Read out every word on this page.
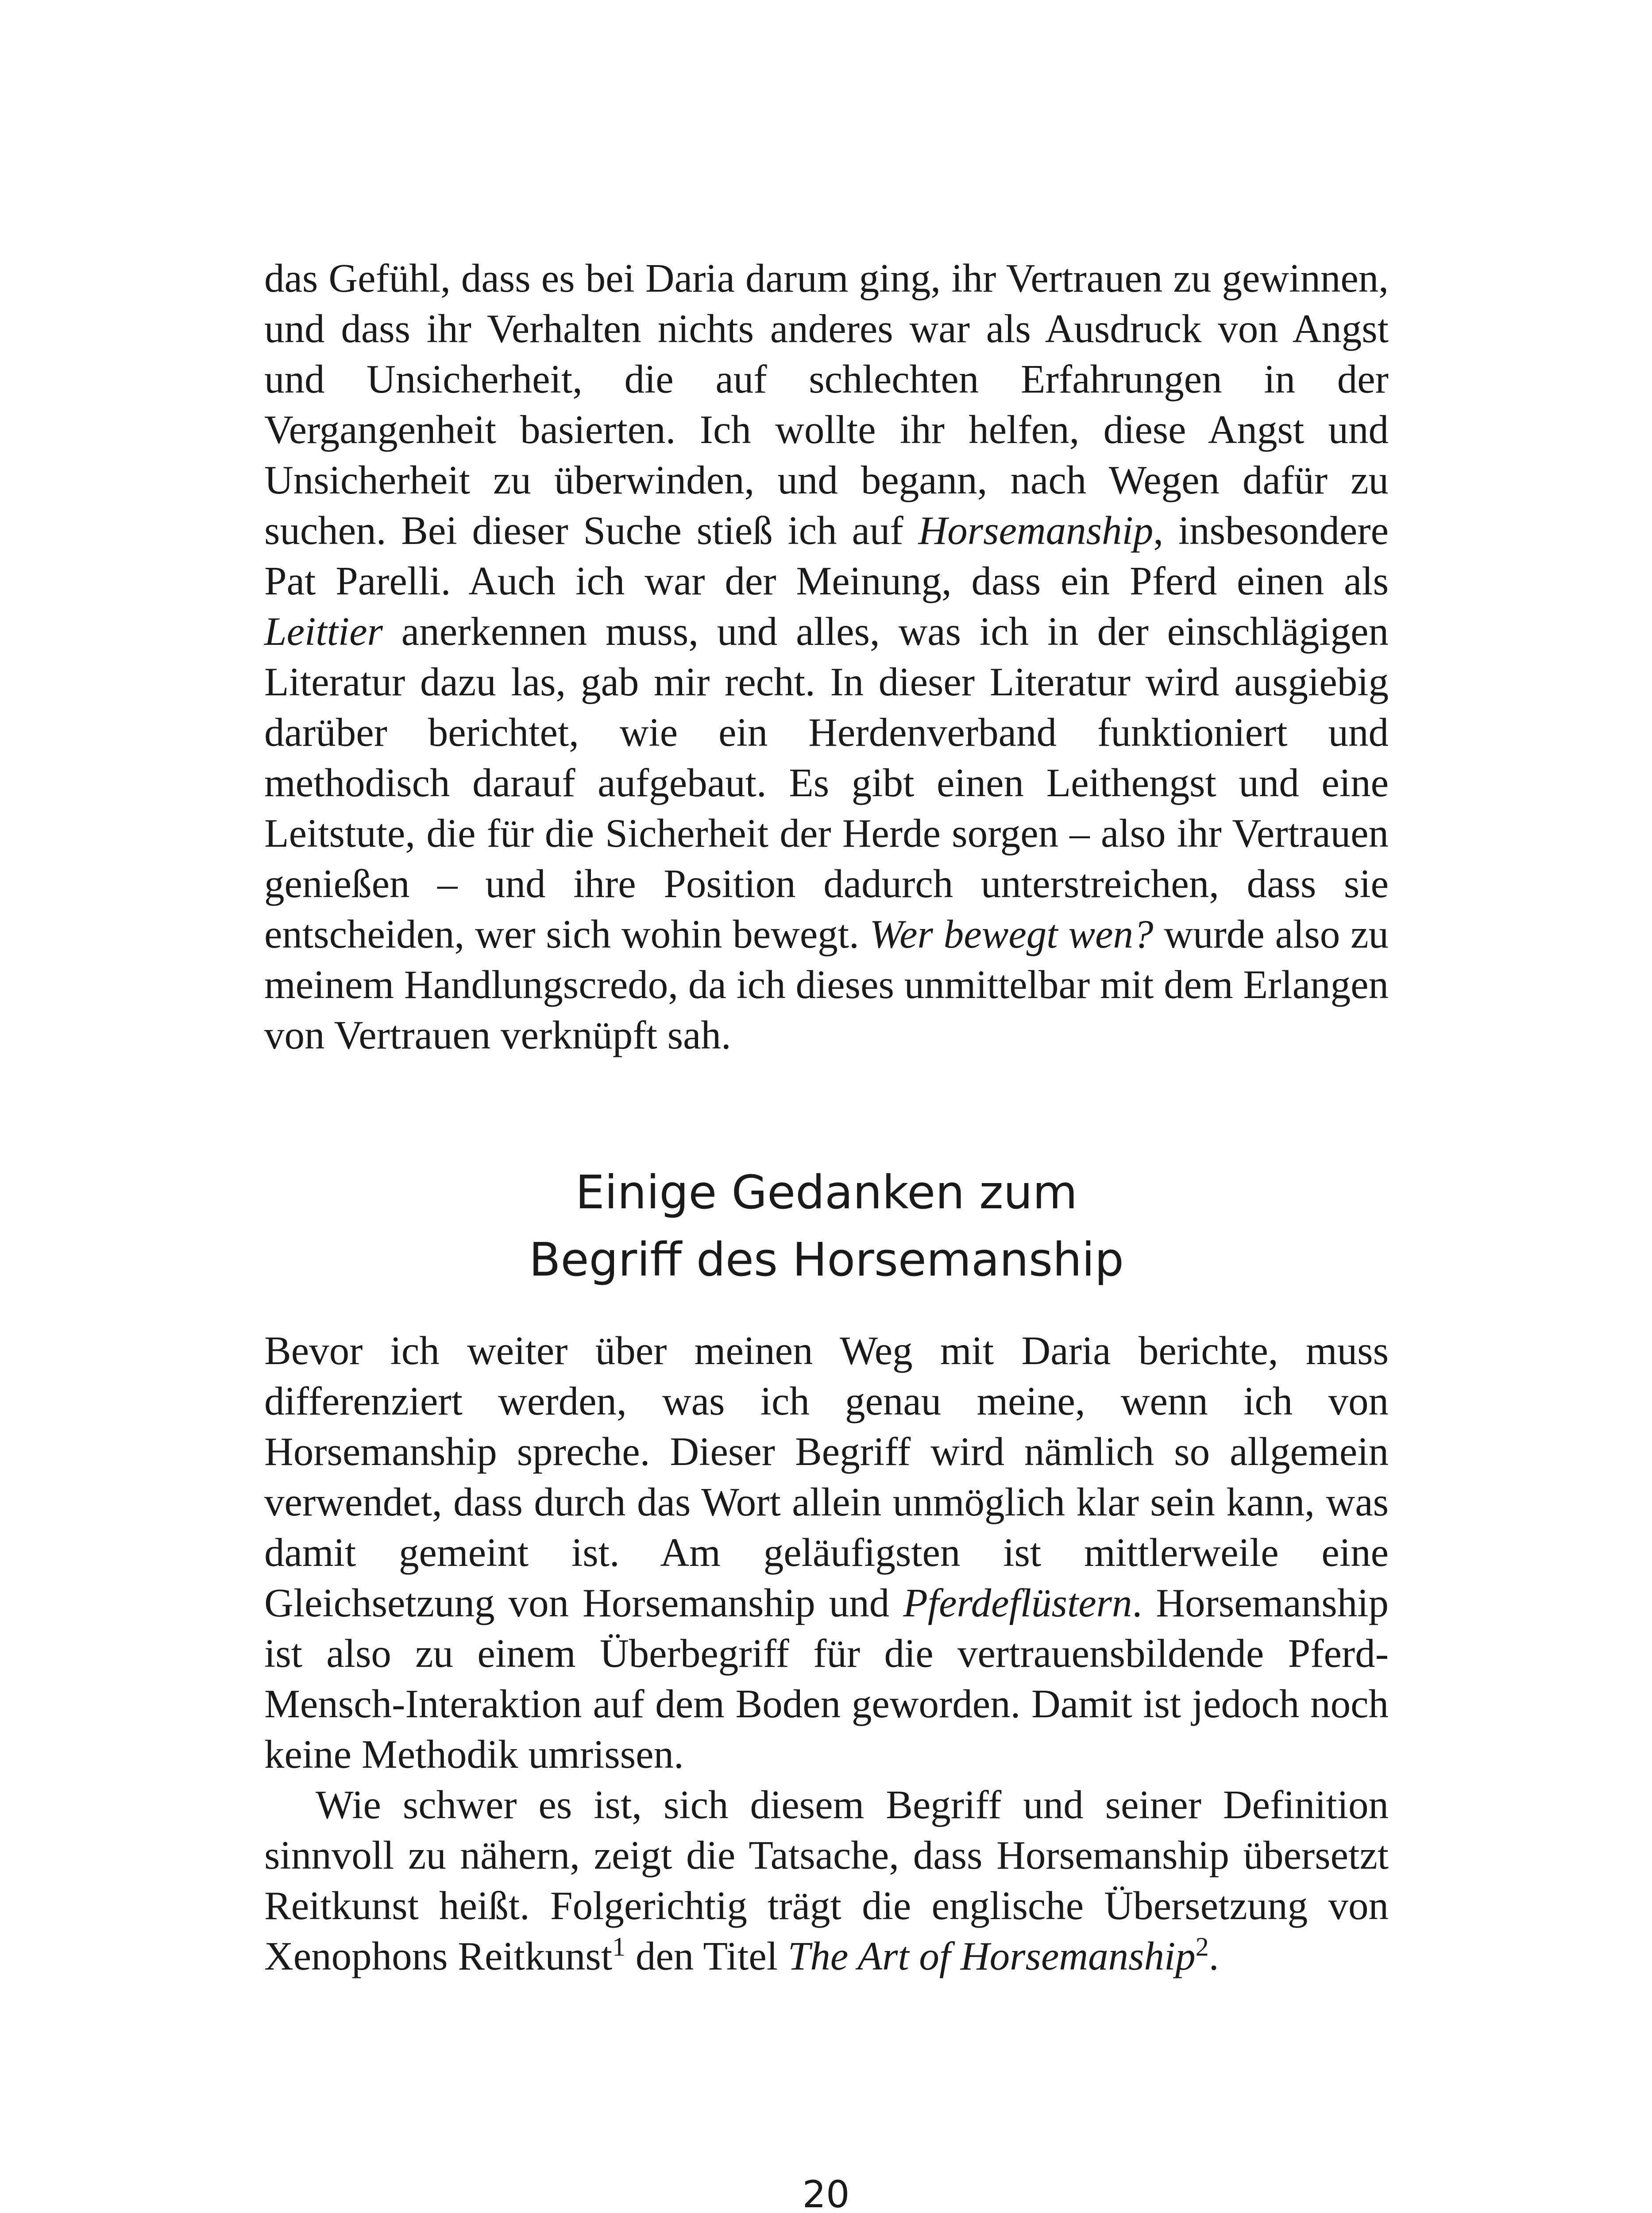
das Gefühl, dass es bei Daria darum ging, ihr Vertrauen zu gewinnen, und dass ihr Verhalten nichts anderes war als Ausdruck von Angst und Unsicherheit, die auf schlechten Erfahrungen in der Vergangenheit basierten. Ich wollte ihr helfen, diese Angst und Unsicherheit zu überwinden, und begann, nach Wegen dafür zu suchen. Bei dieser Suche stieß ich auf Horsemanship, insbesondere Pat Parelli. Auch ich war der Meinung, dass ein Pferd einen als Leittier anerkennen muss, und alles, was ich in der einschlägigen Literatur dazu las, gab mir recht. In dieser Literatur wird ausgiebig darüber berichtet, wie ein Herdenverband funktioniert und methodisch darauf aufgebaut. Es gibt einen Leithengst und eine Leitstute, die für die Sicherheit der Herde sorgen – also ihr Vertrauen genießen – und ihre Position dadurch unterstreichen, dass sie entscheiden, wer sich wohin bewegt. Wer bewegt wen? wurde also zu meinem Handlungscredo, da ich dieses unmittelbar mit dem Erlangen von Vertrauen verknüpft sah.

Einige Gedanken zum
Begriff des Horsemanship

Bevor ich weiter über meinen Weg mit Daria berichte, muss differenziert werden, was ich genau meine, wenn ich von Horsemanship spreche. Dieser Begriff wird nämlich so allgemein verwendet, dass durch das Wort allein unmöglich klar sein kann, was damit gemeint ist. Am geläufigsten ist mittlerweile eine Gleichsetzung von Horsemanship und Pferdeflüstern. Horsemanship ist also zu einem Überbegriff für die vertrauensbildende Pferd-Mensch-Interaktion auf dem Boden geworden. Damit ist jedoch noch keine Methodik umrissen.

Wie schwer es ist, sich diesem Begriff und seiner Definition sinnvoll zu nähern, zeigt die Tatsache, dass Horsemanship übersetzt Reitkunst heißt. Folgerichtig trägt die englische Übersetzung von Xenophons Reitkunst$^1$ den Titel The Art of Horsemanship$^2$.

20
